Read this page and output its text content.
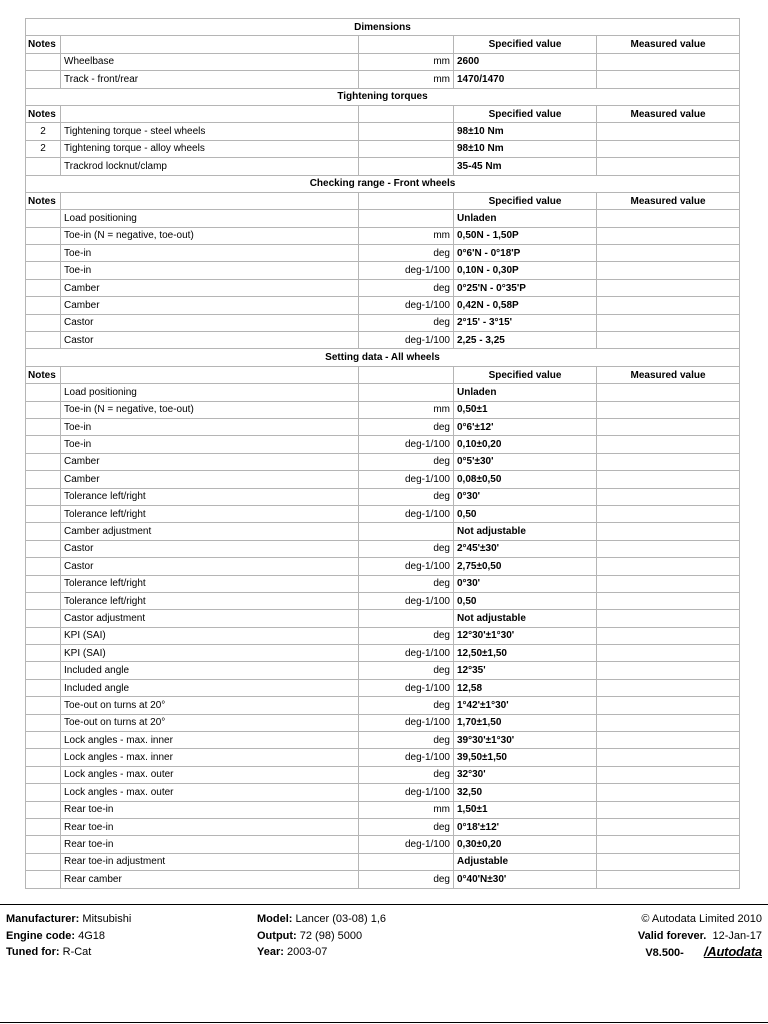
Dimensions				
Notes			Specified value	Measured value
	Wheelbase	mm	2600	
	Track - front/rear	mm	1470/1470	
Tightening torques				
Notes			Specified value	Measured value
2	Tightening torque - steel wheels		98±10 Nm	
2	Tightening torque - alloy wheels		98±10 Nm	
	Trackrod locknut/clamp		35-45 Nm	
Checking range - Front wheels				
Notes			Specified value	Measured value
	Load positioning		Unladen	
	Toe-in (N = negative, toe-out)	mm	0,50N - 1,50P	
	Toe-in	deg	0°6'N - 0°18'P	
	Toe-in	deg-1/100	0,10N - 0,30P	
	Camber	deg	0°25'N - 0°35'P	
	Camber	deg-1/100	0,42N - 0,58P	
	Castor	deg	2°15' - 3°15'	
	Castor	deg-1/100	2,25 - 3,25	
Setting data - All wheels				
Notes			Specified value	Measured value
	Load positioning		Unladen	
	Toe-in (N = negative, toe-out)	mm	0,50±1	
	Toe-in	deg	0°6'±12'	
	Toe-in	deg-1/100	0,10±0,20	
	Camber	deg	0°5'±30'	
	Camber	deg-1/100	0,08±0,50	
	Tolerance left/right	deg	0°30'	
	Tolerance left/right	deg-1/100	0,50	
	Camber adjustment		Not adjustable	
	Castor	deg	2°45'±30'	
	Castor	deg-1/100	2,75±0,50	
	Tolerance left/right	deg	0°30'	
	Tolerance left/right	deg-1/100	0,50	
	Castor adjustment		Not adjustable	
	KPI (SAI)	deg	12°30'±1°30'	
	KPI (SAI)	deg-1/100	12,50±1,50	
	Included angle	deg	12°35'	
	Included angle	deg-1/100	12,58	
	Toe-out on turns at 20°	deg	1°42'±1°30'	
	Toe-out on turns at 20°	deg-1/100	1,70±1,50	
	Lock angles - max. inner	deg	39°30'±1°30'	
	Lock angles - max. inner	deg-1/100	39,50±1,50	
	Lock angles - max. outer	deg	32°30'	
	Lock angles - max. outer	deg-1/100	32,50	
	Rear toe-in	mm	1,50±1	
	Rear toe-in	deg	0°18'±12'	
	Rear toe-in	deg-1/100	0,30±0,20	
	Rear toe-in adjustment		Adjustable	
	Rear camber	deg	0°40'N±30'	
Manufacturer: Mitsubishi
Engine code: 4G18
Tuned for: R-Cat
Model: Lancer (03-08) 1,6
Output: 72 (98) 5000
Year: 2003-07
© Autodata Limited 2010
Valid forever. 12-Jan-17
V8.500- /Autodata
